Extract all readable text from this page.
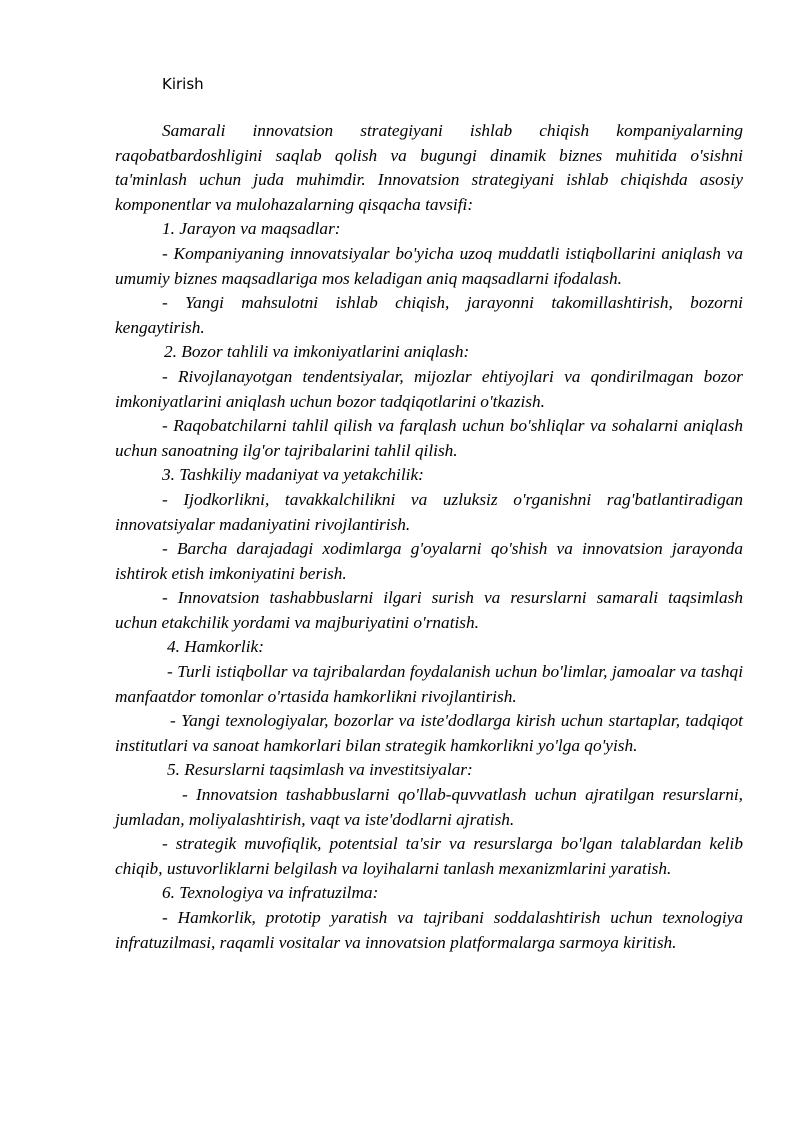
Kirish

Samarali innovatsion strategiyani ishlab chiqish kompaniyalarning raqobatbardoshligini saqlab qolish va bugungi dinamik biznes muhitida o'sishni ta'minlash uchun juda muhimdir. Innovatsion strategiyani ishlab chiqishda asosiy komponentlar va mulohazalarning qisqacha tavsifi:

1. Jarayon va maqsadlar:

- Kompaniyaning innovatsiyalar bo'yicha uzoq muddatli istiqbollarini aniqlash va umumiy biznes maqsadlariga mos keladigan aniq maqsadlarni ifodalash.

- Yangi mahsulotni ishlab chiqish, jarayonni takomillashtirish, bozorni kengaytirish.

2. Bozor tahlili va imkoniyatlarini aniqlash:

- Rivojlanayotgan tendentsiyalar, mijozlar ehtiyojlari va qondirilmagan bozor imkoniyatlarini aniqlash uchun bozor tadqiqotlarini o'tkazish.

- Raqobatchilarni tahlil qilish va farqlash uchun bo'shliqlar va sohalarni aniqlash uchun sanoatning ilg'or tajribalarini tahlil qilish.

3. Tashkiliy madaniyat va yetakchilik:

- Ijodkorlikni, tavakkalchilikni va uzluksiz o'rganishni rag'batlantiradigan innovatsiyalar madaniyatini rivojlantirish.

- Barcha darajadagi xodimlarga g'oyalarni qo'shish va innovatsion jarayonda ishtirok etish imkoniyatini berish.

- Innovatsion tashabbuslarni ilgari surish va resurslarni samarali taqsimlash uchun etakchilik yordami va majburiyatini o'rnatish.

4. Hamkorlik:

- Turli istiqbollar va tajribalardan foydalanish uchun bo'limlar, jamoalar va tashqi manfaatdor tomonlar o'rtasida hamkorlikni rivojlantirish.

- Yangi texnologiyalar, bozorlar va iste'dodlarga kirish uchun startaplar, tadqiqot institutlari va sanoat hamkorlari bilan strategik hamkorlikni yo'lga qo'yish.

5. Resurslarni taqsimlash va investitsiyalar:

- Innovatsion tashabbuslarni qo'llab-quvvatlash uchun ajratilgan resurslarni, jumladan, moliyalashtirish, vaqt va iste'dodlarni ajratish.

- strategik muvofiqlik, potentsial ta'sir va resurslarga bo'lgan talablardan kelib chiqib, ustuvorliklarni belgilash va loyihalarni tanlash mexanizmlarini yaratish.

6. Texnologiya va infratuzilma:

- Hamkorlik, prototip yaratish va tajribani soddalashtirish uchun texnologiya infratuzilmasi, raqamli vositalar va innovatsion platformalarga sarmoya kiritish.
